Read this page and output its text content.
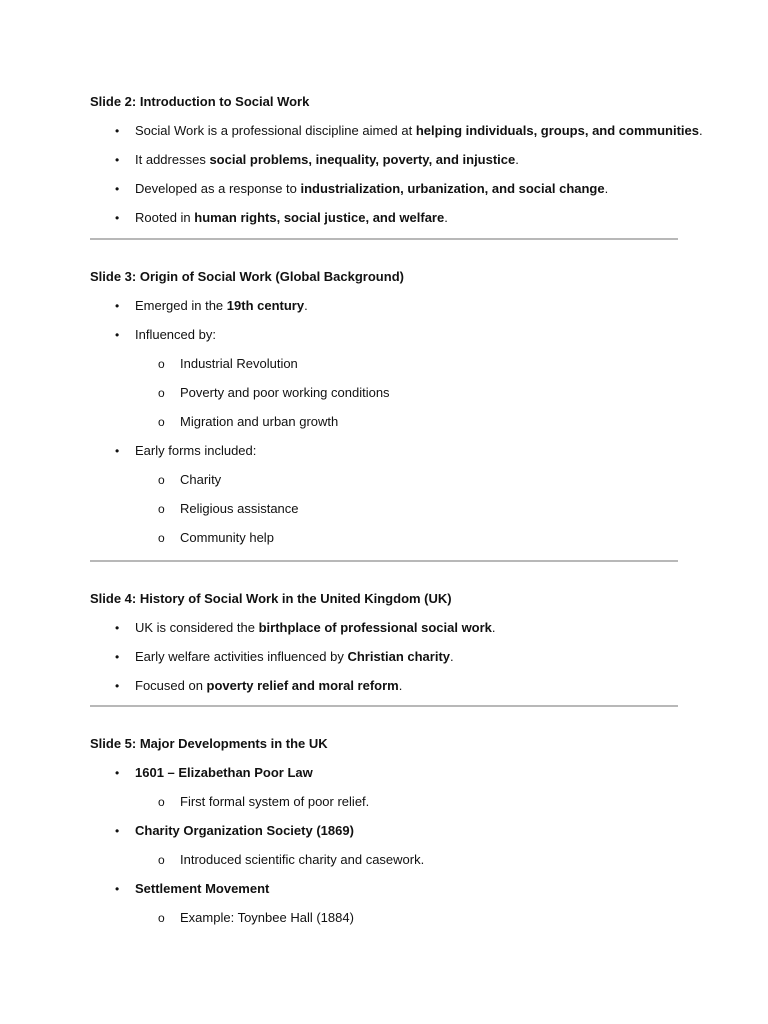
Slide 2: Introduction to Social Work

• Social Work is a professional discipline aimed at helping individuals, groups, and communities.
• It addresses social problems, inequality, poverty, and injustice.
• Developed as a response to industrialization, urbanization, and social change.
• Rooted in human rights, social justice, and welfare.

Slide 3: Origin of Social Work (Global Background)

• Emerged in the 19th century.
• Influenced by:
o Industrial Revolution
o Poverty and poor working conditions
o Migration and urban growth
• Early forms included:
o Charity
o Religious assistance
o Community help

Slide 4: History of Social Work in the United Kingdom (UK)

• UK is considered the birthplace of professional social work.
• Early welfare activities influenced by Christian charity.
• Focused on poverty relief and moral reform.

Slide 5: Major Developments in the UK

• 1601 – Elizabethan Poor Law
o First formal system of poor relief.
• Charity Organization Society (1869)
o Introduced scientific charity and casework.
• Settlement Movement
o Example: Toynbee Hall (1884)
